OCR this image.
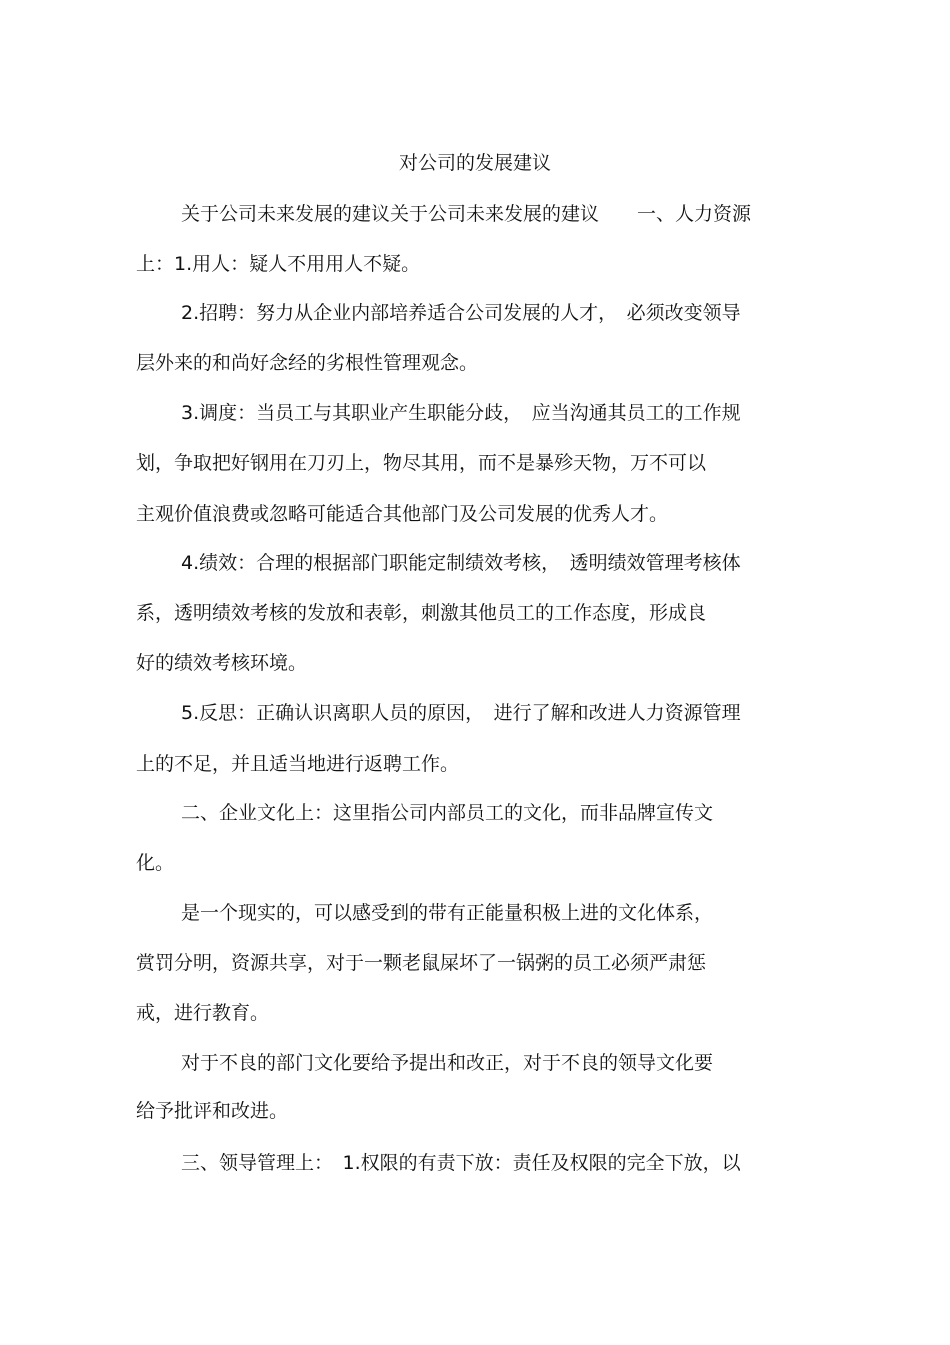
对公司的发展建议

关于公司未来发展的建议关于公司未来发展的建议　　一、人力资源

上：1.用人：疑人不用用人不疑。

2.招聘：努力从企业内部培养适合公司发展的人才，　必须改变领导

层外来的和尚好念经的劣根性管理观念。

3.调度：当员工与其职业产生职能分歧，　应当沟通其员工的工作规

划，争取把好钢用在刀刃上，物尽其用，而不是暴殄天物，万不可以

主观价值浪费或忽略可能适合其他部门及公司发展的优秀人才。

4.绩效：合理的根据部门职能定制绩效考核，　透明绩效管理考核体

系，透明绩效考核的发放和表彰，刺激其他员工的工作态度，形成良

好的绩效考核环境。

5.反思：正确认识离职人员的原因，　进行了解和改进人力资源管理

上的不足，并且适当地进行返聘工作。

二、企业文化上：这里指公司内部员工的文化，而非品牌宣传文

化。

是一个现实的，可以感受到的带有正能量积极上进的文化体系，

赏罚分明，资源共享，对于一颗老鼠屎坏了一锅粥的员工必须严肃惩

戒，进行教育。

对于不良的部门文化要给予提出和改正，对于不良的领导文化要

给予批评和改进。

三、领导管理上：　1.权限的有责下放：责任及权限的完全下放，以
